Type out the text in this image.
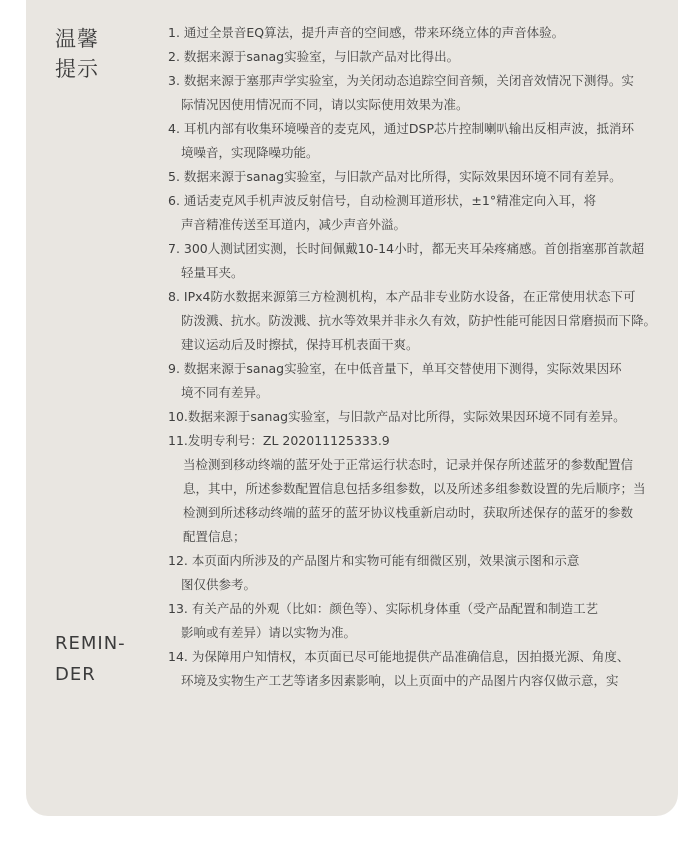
温馨
提示
REMIN-
DER
1. 通过全景音EQ算法，提升声音的空间感，带来环绕立体的声音体验。
2. 数据来源于sanag实验室，与旧款产品对比得出。
3. 数据来源于塞那声学实验室，为关闭动态追踪空间音频，关闭音效情况下测得。实
际情况因使用情况而不同，请以实际使用效果为准。
4. 耳机内部有收集环境噪音的麦克风，通过DSP芯片控制喇叭输出反相声波，抵消环
境噪音，实现降噪功能。
5. 数据来源于sanag实验室，与旧款产品对比所得，实际效果因环境不同有差异。
6. 通话麦克风手机声波反射信号，自动检测耳道形状，±1°精准定向入耳，将
声音精准传送至耳道内，减少声音外溢。
7. 300人测试团实测，长时间佩戴10-14小时，都无夹耳朵疼痛感。首创指塞那首款超
轻量耳夹。
8. IPx4防水数据来源第三方检测机构，本产品非专业防水设备，在正常使用状态下可
防泼溅、抗水。防泼溅、抗水等效果并非永久有效，防护性能可能因日常磨损而下降。
建议运动后及时擦拭，保持耳机表面干爽。
9. 数据来源于sanag实验室，在中低音量下，单耳交替使用下测得，实际效果因环
境不同有差异。
10.数据来源于sanag实验室，与旧款产品对比所得，实际效果因环境不同有差异。
11.发明专利号：ZL 202011125333.9
当检测到移动终端的蓝牙处于正常运行状态时，记录并保存所述蓝牙的参数配置信
息，其中，所述参数配置信息包括多组参数，以及所述多组参数设置的先后顺序；当
检测到所述移动终端的蓝牙的蓝牙协议栈重新启动时，获取所述保存的蓝牙的参数
配置信息；
12. 本页面内所涉及的产品图片和实物可能有细微区别，效果演示图和示意
图仅供参考。
13. 有关产品的外观（比如：颜色等）、实际机身体重（受产品配置和制造工艺
影响或有差异）请以实物为准。
14. 为保障用户知情权，本页面已尽可能地提供产品准确信息，因拍摄光源、角度、
环境及实物生产工艺等诸多因素影响，以上页面中的产品图片内容仅做示意，实
